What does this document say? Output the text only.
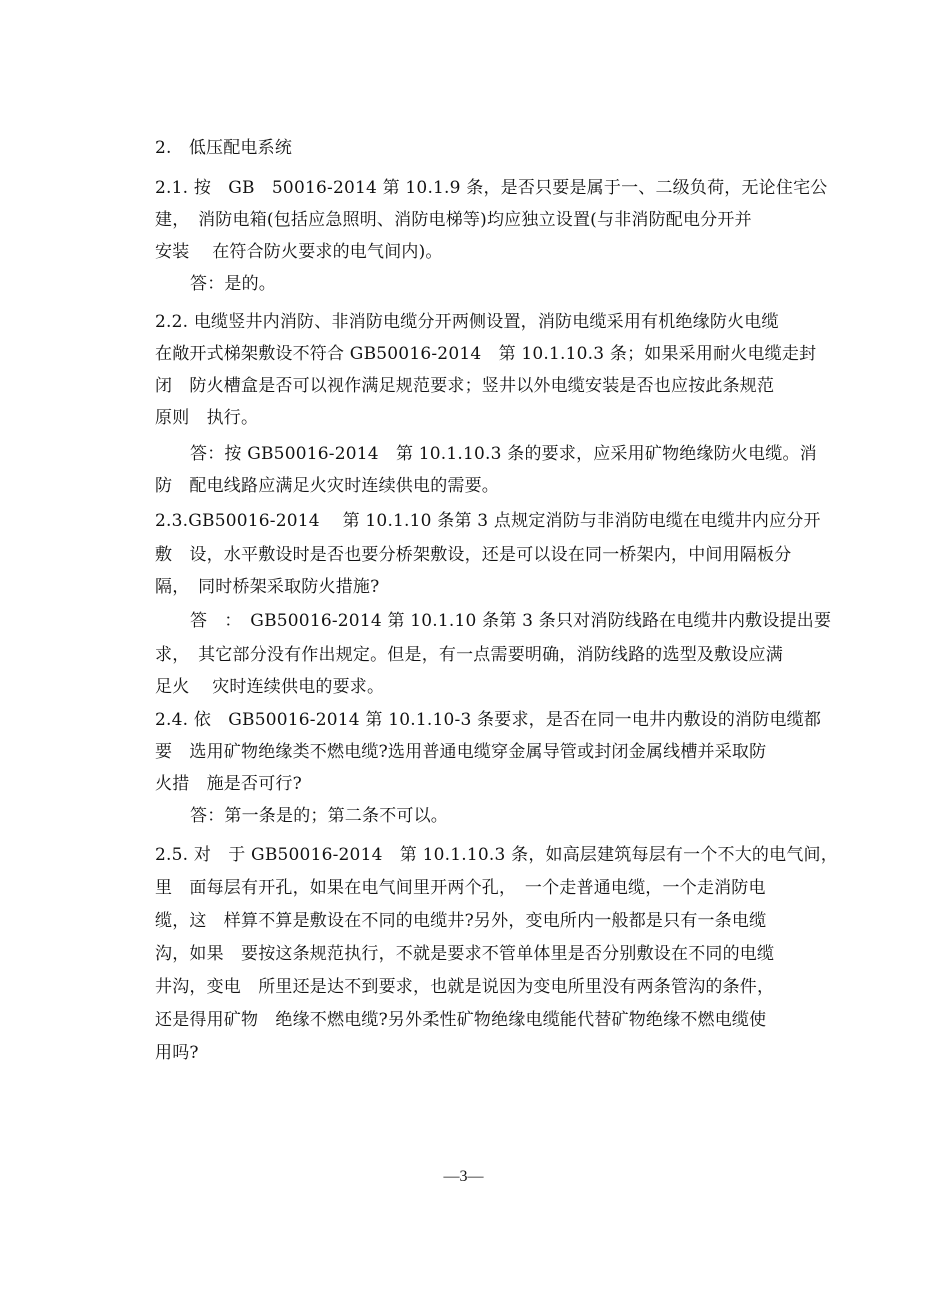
2.　低压配电系统
2.1. 按　GB　50016-2014 第 10.1.9 条，是否只要是属于一、二级负荷，无论住宅公
建，　消防电箱(包括应急照明、消防电梯等)均应独立设置(与非消防配电分开并
安装　 在符合防火要求的电气间内)。
答：是的。
2.2. 电缆竖井内消防、非消防电缆分开两侧设置，消防电缆采用有机绝缘防火电缆
在敞开式梯架敷设不符合 GB50016-2014　第 10.1.10.3 条；如果采用耐火电缆走封
闭　防火槽盒是否可以视作满足规范要求；竖井以外电缆安装是否也应按此条规范
原则　执行。
答：按 GB50016-2014　第 10.1.10.3 条的要求，应采用矿物绝缘防火电缆。消
防　配电线路应满足火灾时连续供电的需要。
2.3.GB50016-2014　 第 10.1.10 条第 3 点规定消防与非消防电缆在电缆井内应分开
敷　设，水平敷设时是否也要分桥架敷设，还是可以设在同一桥架内，中间用隔板分
隔，　同时桥架采取防火措施?
答　：　GB50016-2014 第 10.1.10 条第 3 条只对消防线路在电缆井内敷设提出要
求，　其它部分没有作出规定。但是，有一点需要明确，消防线路的选型及敷设应满
足火　 灾时连续供电的要求。
2.4. 依　GB50016-2014 第 10.1.10-3 条要求，是否在同一电井内敷设的消防电缆都
要　选用矿物绝缘类不燃电缆?选用普通电缆穿金属导管或封闭金属线槽并采取防
火措　施是否可行?
答：第一条是的；第二条不可以。
2.5. 对　于 GB50016-2014　第 10.1.10.3 条，如高层建筑每层有一个不大的电气间，
里　面每层有开孔，如果在电气间里开两个孔，　一个走普通电缆，一个走消防电
缆，这　样算不算是敷设在不同的电缆井?另外，变电所内一般都是只有一条电缆
沟，如果　要按这条规范执行，不就是要求不管单体里是否分别敷设在不同的电缆
井沟，变电　所里还是达不到要求，也就是说因为变电所里没有两条管沟的条件，
还是得用矿物　绝缘不燃电缆?另外柔性矿物绝缘电缆能代替矿物绝缘不燃电缆使
用吗?
—3—
